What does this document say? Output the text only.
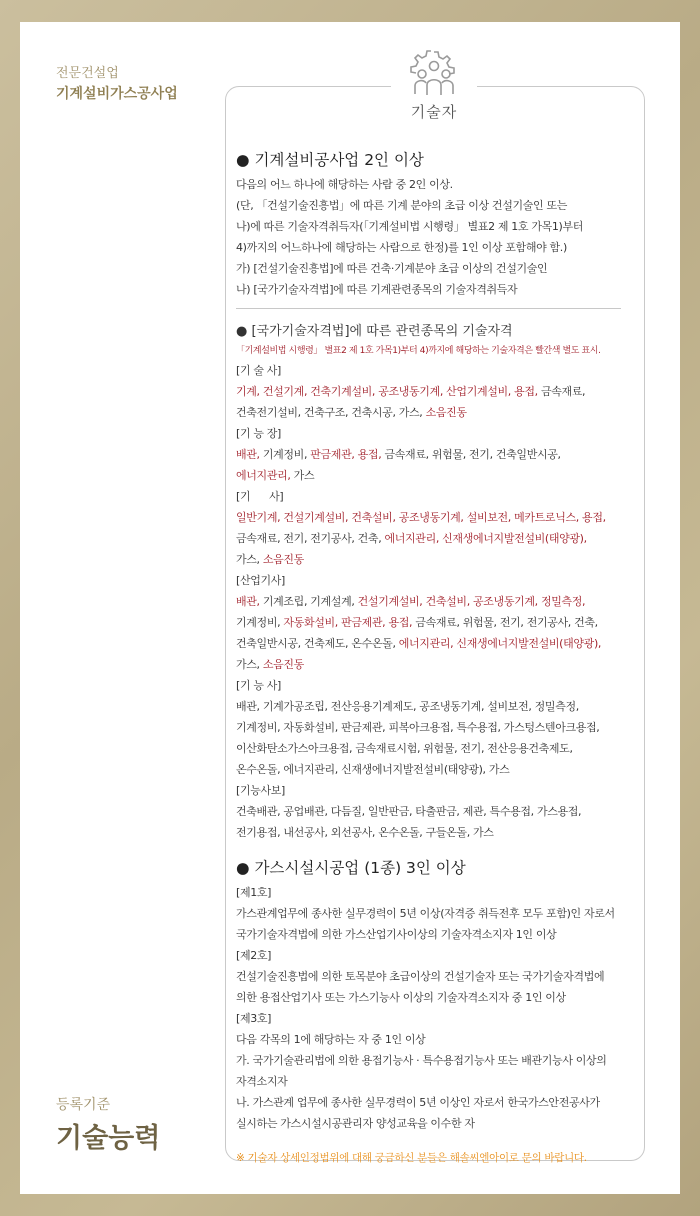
전문건설업
기계설비가스공사업
등록기준
기술능력
기술자
● 기계설비공사업 2인 이상
다음의 어느 하나에 해당하는 사람 중 2인 이상.
(단, 「건설기술진흥법」에 따른 기계 분야의 초급 이상 건설기술인 또는
나)에 따른 기술자격취득자(「기계설비법 시행령」 별표2 제 1호 가목1)부터
4)까지의 어느하나에 해당하는 사람으로 한정)를 1인 이상 포함해야 함.)
가) [건설기술진흥법]에 따른 건축·기계분야 초급 이상의 건설기술인
나) [국가기술자격법]에 따른 기계관련종목의 기술자격취득자
● [국가기술자격법]에 따른 관련종목의 기술자격
「기계설비법 시행령」 별표2 제 1호 가목1)부터 4)까지에 해당하는 기술자격은 빨간색 별도 표시.
[기 술 사]
기계, 건설기계, 건축기계설비, 공조냉동기계, 산업기계설비, 용접, 금속재료,
건축전기설비, 건축구조, 건축시공, 가스, 소음진동
[기 능 장]
배관, 기계정비, 판금제관, 용접, 금속재료, 위험물, 전기, 건축일반시공,
에너지관리, 가스
[기      사]
일반기계, 건설기계설비, 건축설비, 공조냉동기계, 설비보전, 메카트로닉스, 용접,
금속재료, 전기, 전기공사, 건축, 에너지관리, 신재생에너지발전설비(태양광),
가스, 소음진동
[산업기사]
배관, 기계조립, 기계설계, 건설기계설비, 건축설비, 공조냉동기계, 정밀측정,
기계정비, 자동화설비, 판금제관, 용접, 금속재료, 위험물, 전기, 전기공사, 건축,
건축일반시공, 건축제도, 온수온돌, 에너지관리, 신재생에너지발전설비(태양광),
가스, 소음진동
[기 능 사]
배관, 기계가공조립, 전산응용기계제도, 공조냉동기계, 설비보전, 정밀측정,
기계정비, 자동화설비, 판금제관, 피복아크용접, 특수용접, 가스텅스텐아크용접,
이산화탄소가스아크용접, 금속재료시험, 위험물, 전기, 전산응용건축제도,
온수온돌, 에너지관리, 신재생에너지발전설비(태양광), 가스
[기능사보]
건축배관, 공업배관, 다듬질, 일반판금, 타출판금, 제관, 특수용접, 가스용접,
전기용접, 내선공사, 외선공사, 온수온돌, 구들온돌, 가스
● 가스시설시공업 (1종) 3인 이상
[제1호]
가스관계업무에 종사한 실무경력이 5년 이상(자격증 취득전후 모두 포함)인 자로서
국가기술자격법에 의한 가스산업기사이상의 기술자격소지자 1인 이상
[제2호]
건설기술진흥법에 의한 토목분야 초급이상의 건설기술자 또는 국가기술자격법에
의한 용접산업기사 또는 가스기능사 이상의 기술자격소지자 중 1인 이상
[제3호]
다음 각목의 1에 해당하는 자 중 1인 이상
가. 국가기술관리법에 의한 용접기능사 · 특수용접기능사 또는 배관기능사 이상의
자격소지자
나. 가스관계 업무에 종사한 실무경력이 5년 이상인 자로서 한국가스안전공사가
실시하는 가스시설시공관리자 양성교육을 이수한 자
※ 기술자 상세인정범위에 대해 궁금하신 분들은 해솔씨엔아이로 문의 바랍니다.
